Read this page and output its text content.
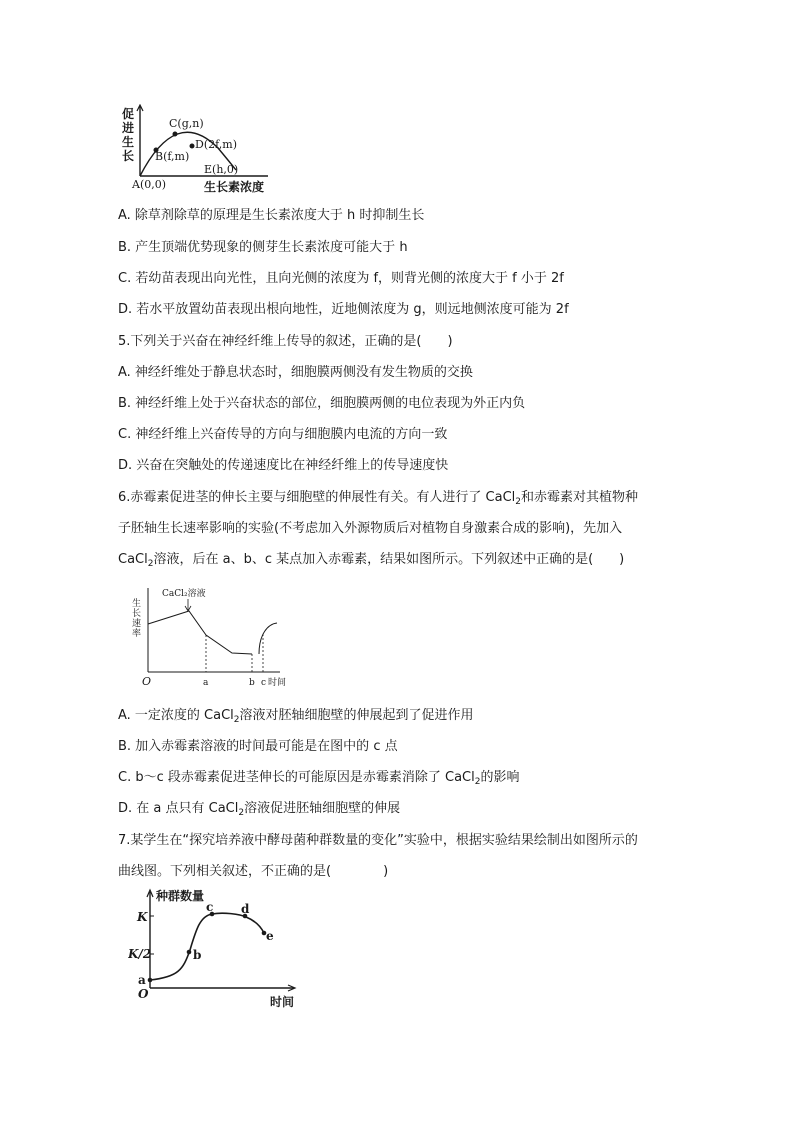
促
进
生
长
C(g,n)
B(f,m)
D(2f,m)
E(h,0)
A(0,0)	生长素浓度
A. 除草剂除草的原理是生长素浓度大于 h 时抑制生长
B. 产生顶端优势现象的侧芽生长素浓度可能大于 h
C. 若幼苗表现出向光性，且向光侧的浓度为 f，则背光侧的浓度大于 f 小于 2f
D. 若水平放置幼苗表现出根向地性，近地侧浓度为 g，则远地侧浓度可能为 2f
5.下列关于兴奋在神经纤维上传导的叙述，正确的是(　　)
A. 神经纤维处于静息状态时，细胞膜两侧没有发生物质的交换
B. 神经纤维上处于兴奋状态的部位，细胞膜两侧的电位表现为外正内负
C. 神经纤维上兴奋传导的方向与细胞膜内电流的方向一致
D. 兴奋在突触处的传递速度比在神经纤维上的传导速度快
6.赤霉素促进茎的伸长主要与细胞壁的伸展性有关。有人进行了 CaCl$_2$和赤霉素对其植物种
子胚轴生长速率影响的实验(不考虑加入外源物质后对植物自身激素合成的影响)，先加入
CaCl$_2$溶液，后在 a、b、c 某点加入赤霉素，结果如图所示。下列叙述中正确的是(　　)
生
长
速
率
CaCl₂溶液
O	a	b c 时间
A. 一定浓度的 CaCl$_2$溶液对胚轴细胞壁的伸展起到了促进作用
B. 加入赤霉素溶液的时间最可能是在图中的 c 点
C. b～c 段赤霉素促进茎伸长的可能原因是赤霉素消除了 CaCl$_2$的影响
D. 在 a 点只有 CaCl$_2$溶液促进胚轴细胞壁的伸展
7.某学生在“探究培养液中酵母菌种群数量的变化”实验中，根据实验结果绘制出如图所示的
曲线图。下列相关叙述，不正确的是(　　　　)
种群数量
K
K/2
a
b
c d
e
O
时间
